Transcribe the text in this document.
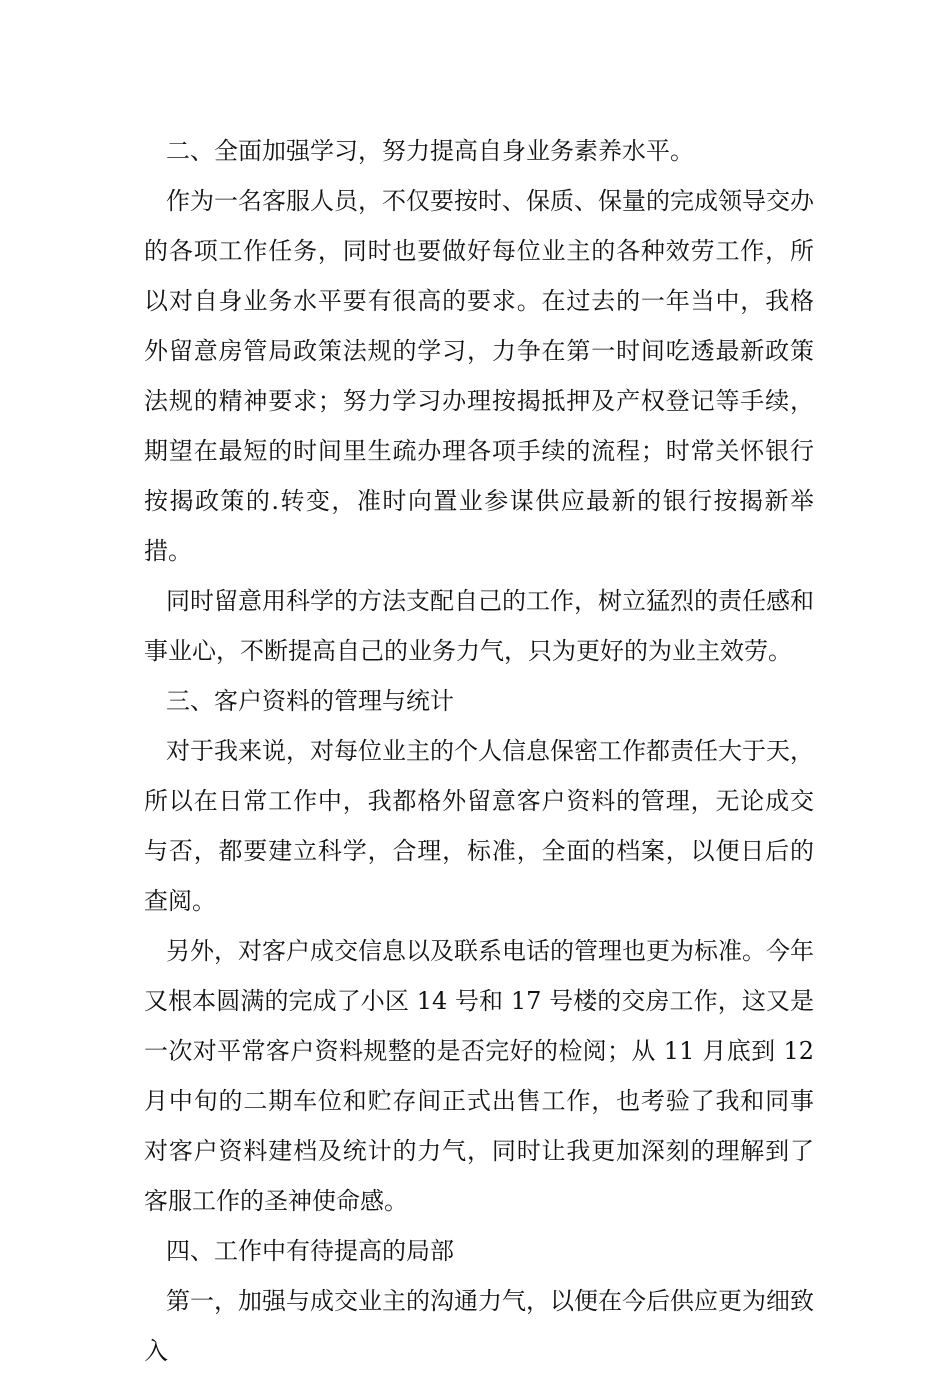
二、全面加强学习，努力提高自身业务素养水平。

作为一名客服人员，不仅要按时、保质、保量的完成领导交办的各项工作任务，同时也要做好每位业主的各种效劳工作，所以对自身业务水平要有很高的要求。在过去的一年当中，我格外留意房管局政策法规的学习，力争在第一时间吃透最新政策法规的精神要求；努力学习办理按揭抵押及产权登记等手续，期望在最短的时间里生疏办理各项手续的流程；时常关怀银行按揭政策的.转变，准时向置业参谋供应最新的银行按揭新举措。

同时留意用科学的方法支配自己的工作，树立猛烈的责任感和事业心，不断提高自己的业务力气，只为更好的为业主效劳。

三、客户资料的管理与统计

对于我来说，对每位业主的个人信息保密工作都责任大于天，所以在日常工作中，我都格外留意客户资料的管理，无论成交与否，都要建立科学，合理，标准，全面的档案，以便日后的查阅。

另外，对客户成交信息以及联系电话的管理也更为标准。今年又根本圆满的完成了小区 14 号和 17 号楼的交房工作，这又是一次对平常客户资料规整的是否完好的检阅；从 11 月底到 12 月中旬的二期车位和贮存间正式出售工作，也考验了我和同事对客户资料建档及统计的力气，同时让我更加深刻的理解到了客服工作的圣神使命感。

四、工作中有待提高的局部

第一，加强与成交业主的沟通力气，以便在今后供应更为细致入
